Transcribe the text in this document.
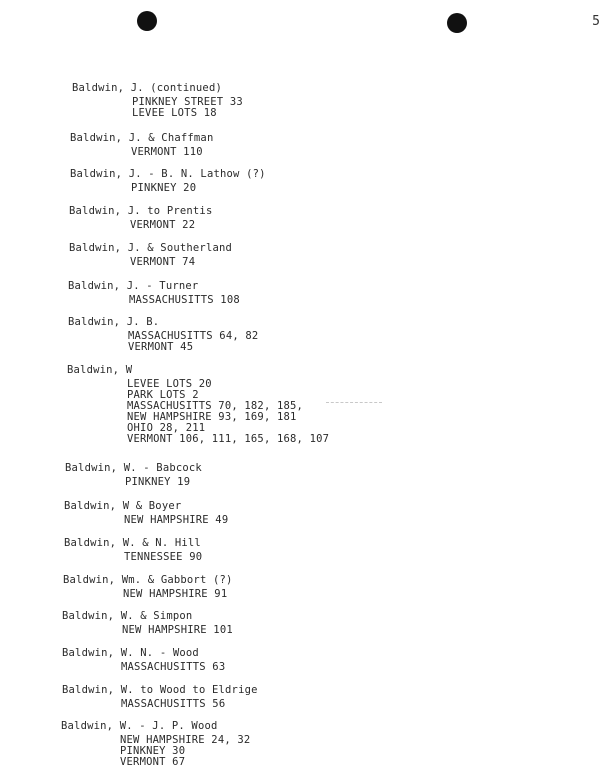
5
Baldwin, J. (continued)
PINKNEY STREET 33
LEVEE LOTS 18
Baldwin, J. & Chaffman
VERMONT 110
Baldwin, J. - B. N. Lathow (?)
PINKNEY 20
Baldwin, J. to Prentis
VERMONT 22
Baldwin, J. & Southerland
VERMONT 74
Baldwin, J. - Turner
MASSACHUSITTS 108
Baldwin, J. B.
MASSACHUSITTS 64, 82
VERMONT 45
Baldwin, W
LEVEE LOTS 20
PARK LOTS 2
MASSACHUSITTS 70, 182, 185,
NEW HAMPSHIRE 93, 169, 181
OHIO 28, 211
VERMONT 106, 111, 165, 168, 107
Baldwin, W. - Babcock
PINKNEY 19
Baldwin, W & Boyer
NEW HAMPSHIRE 49
Baldwin, W. & N. Hill
TENNESSEE 90
Baldwin, Wm. & Gabbort (?)
NEW HAMPSHIRE 91
Baldwin, W. & Simpon
NEW HAMPSHIRE 101
Baldwin, W. N. - Wood
MASSACHUSITTS 63
Baldwin, W. to Wood to Eldrige
MASSACHUSITTS 56
Baldwin, W. - J. P. Wood
NEW HAMPSHIRE 24, 32
PINKNEY 30
VERMONT 67
